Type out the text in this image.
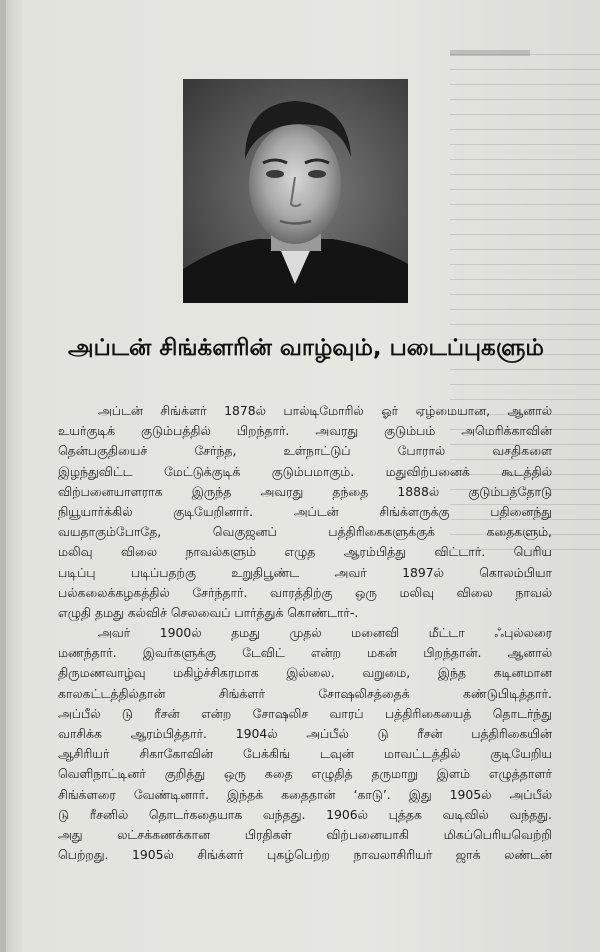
அப்டன் சிங்க்ளரின் வாழ்வும், படைப்புகளும்
அப்டன் சிங்க்ளர் 1878ல் பால்டிமோரில் ஓர் ஏழ்மையான, ஆனால்
உயர்குடிக் குடும்பத்தில் பிறந்தார். அவரது குடும்பம் அமெரிக்காவின்
தென்பகுதியைச் சேர்ந்த, உள்நாட்டுப் போரால் வசதிகளை
இழந்துவிட்ட மேட்டுக்குடிக் குடும்பமாகும். மதுவிற்பனைக் கூடத்தில்
விற்பனையாளராக இருந்த அவரது தந்தை 1888ல் குடும்பத்தோடு
நியூயார்க்கில் குடியேறினார். அப்டன் சிங்க்ளருக்கு பதினைந்து
வயதாகும்போதே, வெகுஜனப் பத்திரிகைகளுக்குக் கதைகளும்,
மலிவு விலை நாவல்களும் எழுத ஆரம்பித்து விட்டார். பெரிய
படிப்பு படிப்பதற்கு உறுதிபூண்ட அவர் 1897ல் கொலம்பியா
பல்கலைக்கழகத்தில் சேர்ந்தார். வாரத்திற்கு ஒரு மலிவு விலை நாவல்
எழுதி தமது கல்விச் செலவைப் பார்த்துக் கொண்டார்-.
அவர் 1900ல் தமது முதல் மனைவி மீட்டா ஃபுல்லரை
மணந்தார். இவர்களுக்கு டேவிட் என்ற மகன் பிறந்தான். ஆனால்
திருமணவாழ்வு மகிழ்ச்சிகரமாக இல்லை. வறுமை, இந்த கடினமான
காலகட்டத்தில்தான் சிங்க்ளர் சோஷலிசத்தைக் கண்டுபிடித்தார்.
அப்பீல் டு ரீசன் என்ற சோஷலிச வாரப் பத்திரிகையைத் தொடர்ந்து
வாசிக்க ஆரம்பித்தார். 1904ல் அப்பீல் டு ரீசன் பத்திரிகையின்
ஆசிரியர் சிகாகோவின் பேக்கிங் டவுன் மாவட்டத்தில் குடியேறிய
வெளிநாட்டினர் குறித்து ஒரு கதை எழுதித் தருமாறு இளம் எழுத்தாளர்
சிங்க்ளரை வேண்டினார். இந்தக் கதைதான் ‘காடு’. இது 1905ல் அப்பீல்
டு ரீசனில் தொடர்கதையாக வந்தது. 1906ல் புத்தக வடிவில் வந்தது.
அது லட்சக்கணக்கான பிரதிகள் விற்பனையாகி மிகப்பெரியவெற்றி
பெற்றது. 1905ல் சிங்க்ளர் புகழ்பெற்ற நாவலாசிரியர் ஜாக் லண்டன்
